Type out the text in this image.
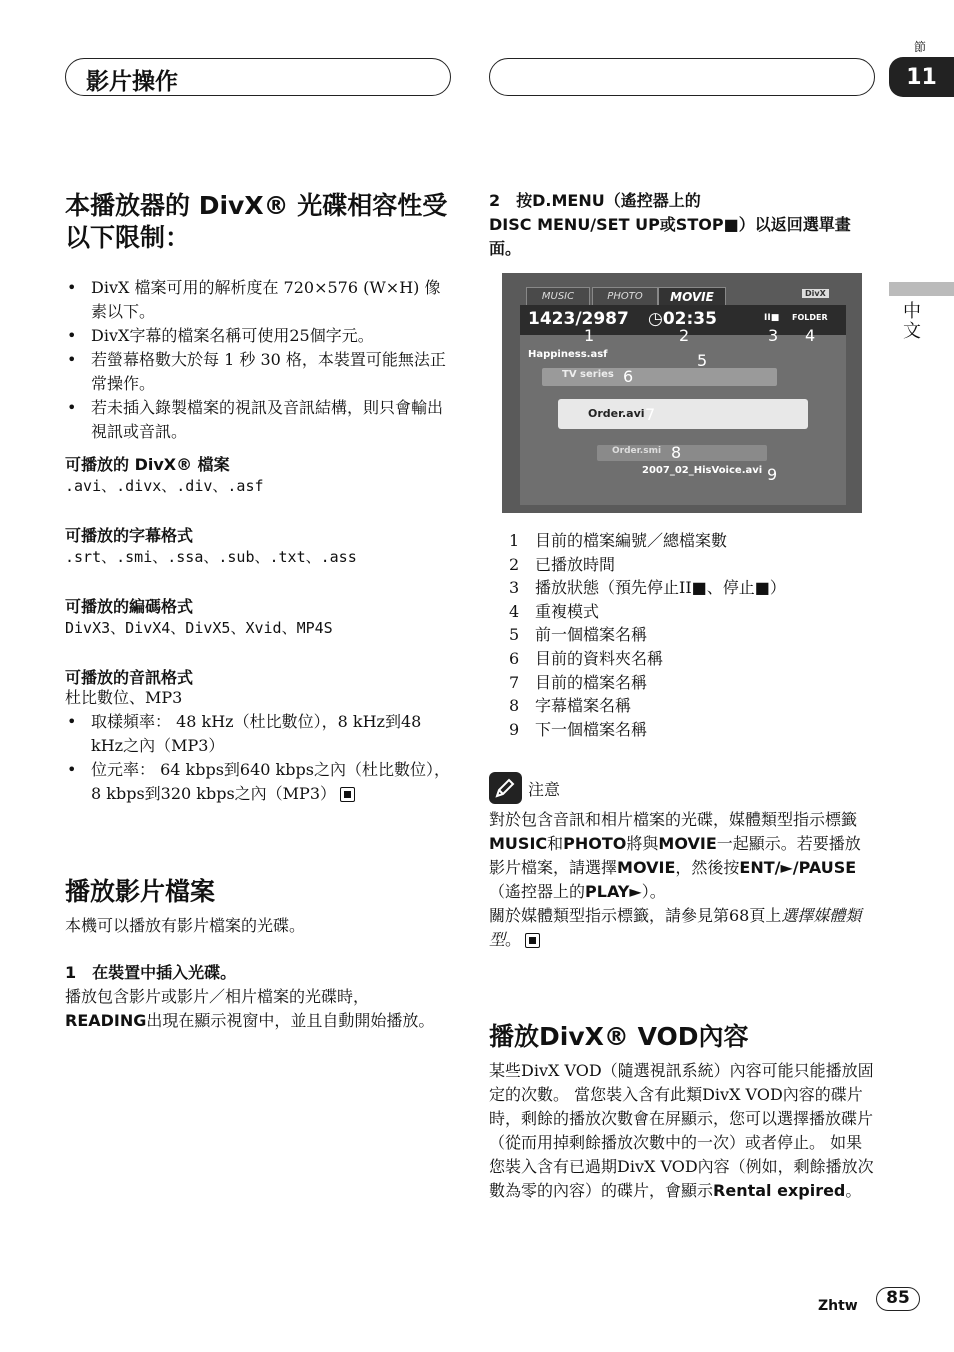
影片操作
節
11
中文
本播放器的 DivX® 光碟相容性受以下限制：
• DivX 檔案可用的解析度在 720×576 (W×H) 像素以下。
• DivX字幕的檔案名稱可使用25個字元。
• 若螢幕格數大於每 1 秒 30 格，本裝置可能無法正常操作。
• 若未插入錄製檔案的視訊及音訊結構，則只會輸出視訊或音訊。
可播放的 DivX® 檔案
.avi、.divx、.div、.asf
可播放的字幕格式
.srt、.smi、.ssa、.sub、.txt、.ass
可播放的編碼格式
DivX3、DivX4、DivX5、Xvid、MP4S
可播放的音訊格式
杜比數位、MP3
• 取樣頻率： 48 kHz（杜比數位），8 kHz到48 kHz之內（MP3）
• 位元率： 64 kbps到640 kbps之內（杜比數位），8 kbps到320 kbps之內（MP3）
播放影片檔案
本機可以播放有影片檔案的光碟。
1　在裝置中插入光碟。
播放包含影片或影片／相片檔案的光碟時，READING出現在顯示視窗中，並且自動開始播放。
2　按D.MENU（遙控器上的
DISC MENU/SET UP或STOP■）以返回選單畫面。
MUSIC	PHOTO	MOVIE	DivX
1423/2987 ◷02:35	II■ FOLDER
Happiness.asf
TV series
Order.avi
Order.smi
2007_02_HisVoice.avi
1	2	3 4
5
6
7
8
9
1 目前的檔案編號／總檔案數
2 已播放時間
3 播放狀態（預先停止II■、停止■）
4 重複模式
5 前一個檔案名稱
6 目前的資料夾名稱
7 目前的檔案名稱
8 字幕檔案名稱
9 下一個檔案名稱
注意
對於包含音訊和相片檔案的光碟，媒體類型指示標籤MUSIC和PHOTO將與MOVIE一起顯示。若要播放影片檔案，請選擇MOVIE，然後按ENT/►/PAUSE（遙控器上的PLAY►）。
關於媒體類型指示標籤，請參見第68頁上選擇媒體類型。
播放DivX® VOD內容
某些DivX VOD（隨選視訊系統）內容可能只能播放固定的次數。 當您裝入含有此類DivX VOD內容的碟片時，剩餘的播放次數會在屏顯示，您可以選擇播放碟片（從而用掉剩餘播放次數中的一次）或者停止。 如果您裝入含有已過期DivX VOD內容（例如，剩餘播放次數為零的內容）的碟片，會顯示Rental expired。
Zhtw	85
